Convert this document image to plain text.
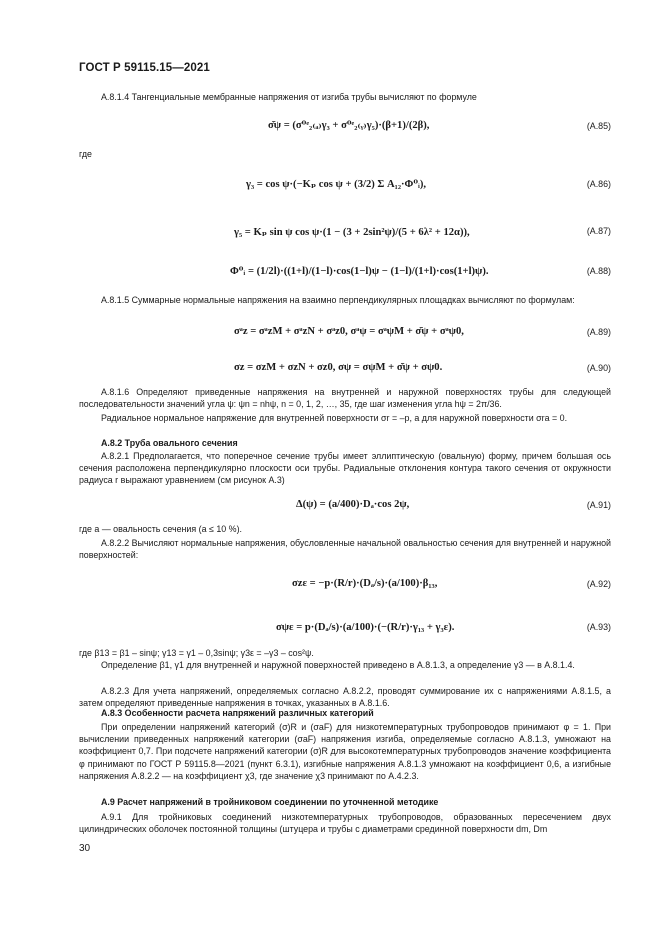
ГОСТ Р 59115.15—2021
А.8.1.4 Тангенциальные мембранные напряжения от изгиба трубы вычисляют по формуле
σ̄ψ = (σ⁰ᵉ₂₍ₐ₎γ₃ + σ⁰ᵉ₂₍ᵧ₎γ₅)·(β+1)/(2β),	(А.85)
где
γ₃ = cos ψ·(−Kₚ cos ψ + (3/2) Σ A₁₂·Φ⁰ᵢ),	(А.86)
γ₅ = Kₚ sin ψ cos ψ·(1 − (3 + 2sin²ψ)/(5 + 6λ² + 12α)),	(А.87)
Φ⁰ᵢ = (1/2l)·((1+l)/(1−l)·cos(1−l)ψ − (1−l)/(1+l)·cos(1+l)ψ).	(А.88)
А.8.1.5 Суммарные нормальные напряжения на взаимно перпендикулярных площадках вычисляют по формулам:
σᵃz = σᵃzM + σᵃzN + σᵃz0, σᵃψ = σᵃψM + σ̄ψ + σᵃψ0,	(А.89)
σz = σzM + σzN + σz0, σψ = σψM + σ̄ψ + σψ0.	(А.90)
А.8.1.6 Определяют приведенные напряжения на внутренней и наружной поверхностях трубы для следующей последовательности значений угла ψ: ψn = nhψ, n = 0, 1, 2, …, 35, где шаг изменения угла hψ = 2π/36.
Радиальное нормальное напряжение для внутренней поверхности σr = –p, а для наружной поверхности σra = 0.
А.8.2 Труба овального сечения
А.8.2.1 Предполагается, что поперечное сечение трубы имеет эллиптическую (овальную) форму, причем большая ось сечения расположена перпендикулярно плоскости оси трубы. Радиальные отклонения контура такого сечения от окружности радиуса r выражают уравнением (см рисунок А.3)
Δ(ψ) = (a/400)·Dₐ·cos 2ψ,	(А.91)
где a — овальность сечения (a ≤ 10 %).
А.8.2.2 Вычисляют нормальные напряжения, обусловленные начальной овальностью сечения для внутренней и наружной поверхностей:
σzε = −p·(R/r)·(Dₐ/s)·(a/100)·β₁₃,	(А.92)
σψε = p·(Dₐ/s)·(a/100)·(−(R/r)·γ₁₃ + γ₃ε).	(А.93)
где β13 = β1 – sinψ; γ13 = γ1 – 0,3sinψ; γ3ε = –γ3 – cos²ψ.
Определение β1, γ1 для внутренней и наружной поверхностей приведено в А.8.1.3, а определение γ3 — в А.8.1.4.
А.8.2.3 Для учета напряжений, определяемых согласно А.8.2.2, проводят суммирование их с напряжениями А.8.1.5, а затем определяют приведенные напряжения в точках, указанных в А.8.1.6.
А.8.3 Особенности расчета напряжений различных категорий
При определении напряжений категорий (σ)R и (σaF) для низкотемпературных трубопроводов принимают φ = 1. При вычислении приведенных напряжений категории (σaF) напряжения изгиба, определяемые согласно А.8.1.3, умножают на коэффициент 0,7. При подсчете напряжений категории (σ)R для высокотемпературных трубопроводов значение коэффициента φ принимают по ГОСТ Р 59115.8—2021 (пункт 6.3.1), изгибные напряжения А.8.1.3 умножают на коэффициент 0,6, а изгибные напряжения А.8.2.2 — на коэффициент χ3, где значение χ3 принимают по А.4.2.3.
А.9 Расчет напряжений в тройниковом соединении по уточненной методике
А.9.1 Для тройниковых соединений низкотемпературных трубопроводов, образованных пересечением двух цилиндрических оболочек постоянной толщины (штуцера и трубы с диаметрами срединной поверхности dm, Dm
30
